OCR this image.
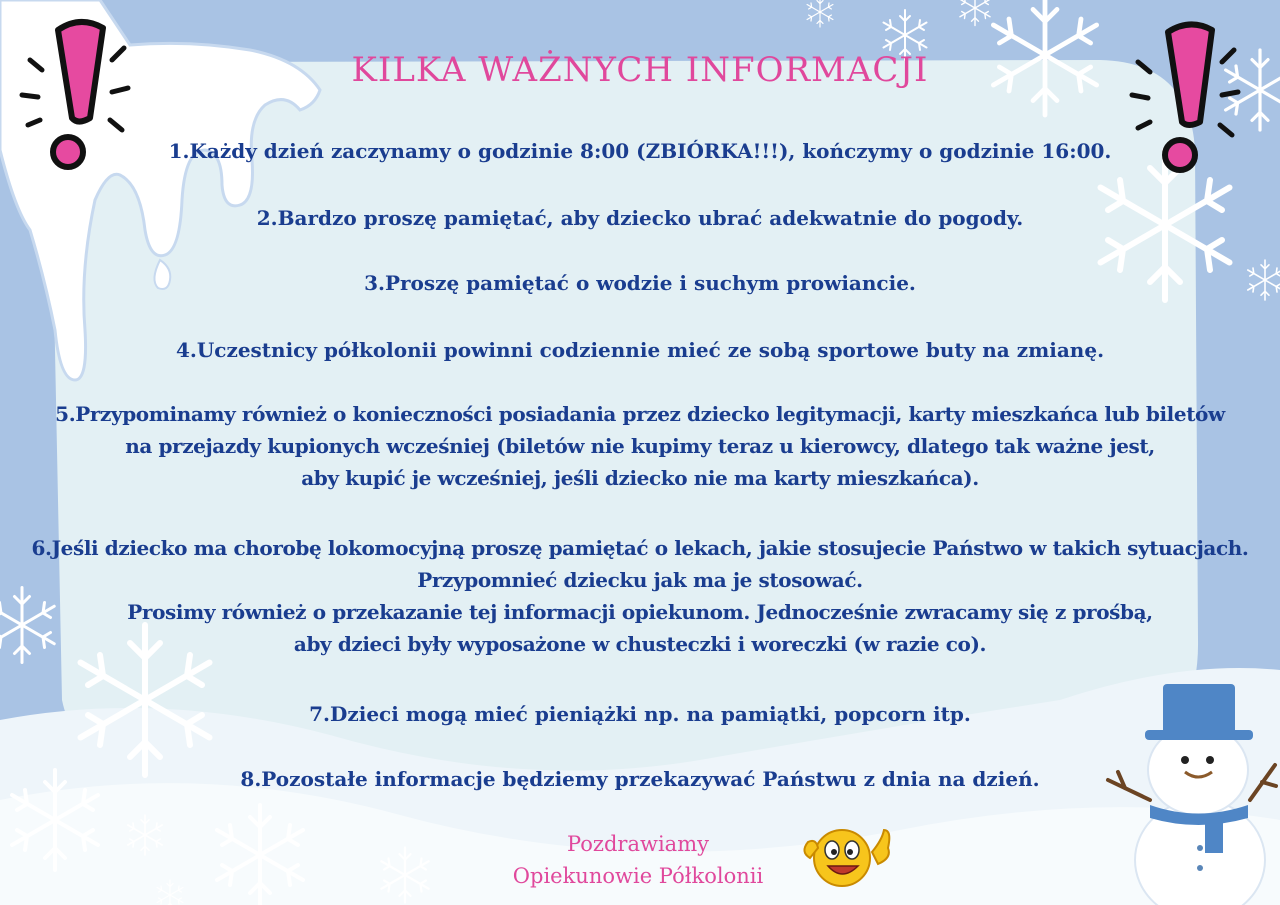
KILKA WAŻNYCH INFORMACJI
1.Każdy dzień zaczynamy o godzinie 8:00 (ZBIÓRKA!!!), kończymy o godzinie 16:00.
2.Bardzo proszę pamiętać, aby dziecko ubrać adekwatnie do pogody.
3.Proszę pamiętać o wodzie i suchym prowiancie.
4.Uczestnicy półkolonii powinni codziennie mieć ze sobą sportowe buty na zmianę.
5.Przypominamy również o konieczności posiadania przez dziecko legitymacji, karty mieszkańca lub biletów
na przejazdy kupionych wcześniej (biletów nie kupimy teraz u kierowcy, dlatego tak ważne jest,
aby kupić je wcześniej, jeśli dziecko nie ma karty mieszkańca).
6.Jeśli dziecko ma chorobę lokomocyjną proszę pamiętać o lekach, jakie stosujecie Państwo w takich sytuacjach.
Przypomnieć dziecku jak ma je stosować.
Prosimy również o przekazanie tej informacji opiekunom. Jednocześnie zwracamy się z prośbą,
aby dzieci były wyposażone w chusteczki i woreczki (w razie co).
7.Dzieci mogą mieć pieniążki np. na pamiątki, popcorn itp.
8.Pozostałe informacje będziemy przekazywać Państwu z dnia na dzień.
Pozdrawiamy
Opiekunowie Półkolonii
